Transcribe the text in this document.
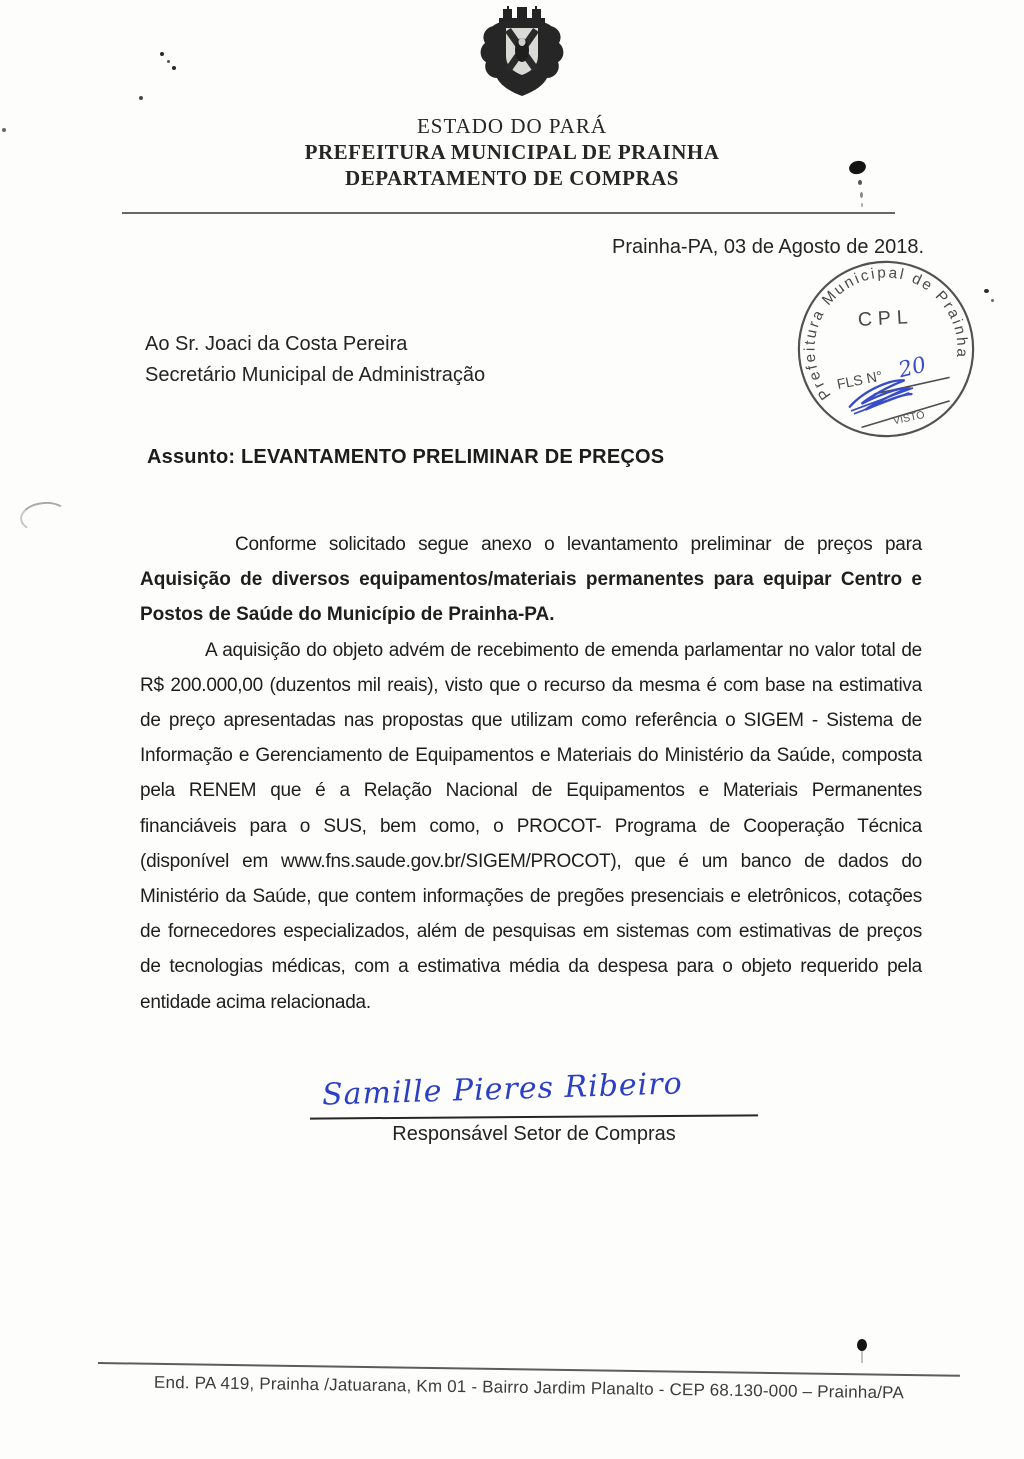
ESTADO DO PARÁ
PREFEITURA MUNICIPAL DE PRAINHA
DEPARTAMENTO DE COMPRAS
Prainha-PA, 03 de Agosto de 2018.
Ao Sr. Joaci da Costa Pereira
Secretário Municipal de Administração
Assunto: LEVANTAMENTO PRELIMINAR DE PREÇOS

Conforme solicitado segue anexo o levantamento preliminar de preços para Aquisição de diversos equipamentos/materiais permanentes para equipar Centro e Postos de Saúde do Município de Prainha-PA.

A aquisição do objeto advém de recebimento de emenda parlamentar no valor total de R$ 200.000,00 (duzentos mil reais), visto que o recurso da mesma é com base na estimativa de preço apresentadas nas propostas que utilizam como referência o SIGEM - Sistema de Informação e Gerenciamento de Equipamentos e Materiais do Ministério da Saúde, composta pela RENEM que é a Relação Nacional de Equipamentos e Materiais Permanentes financiáveis para o SUS, bem como, o PROCOT- Programa de Cooperação Técnica (disponível em www.fns.saude.gov.br/SIGEM/PROCOT), que é um banco de dados do Ministério da Saúde, que contem informações de pregões presenciais e eletrônicos, cotações de fornecedores especializados, além de pesquisas em sistemas com estimativas de preços de tecnologias médicas, com a estimativa média da despesa para o objeto requerido pela entidade acima relacionada.

Samille Pieres Ribeiro
Responsável Setor de Compras
Prefeitura Municipal de Prainha
CPL
FLS N° 20
VISTO
End. PA 419, Prainha /Jatuarana, Km 01 - Bairro Jardim Planalto - CEP 68.130-000 – Prainha/PA
